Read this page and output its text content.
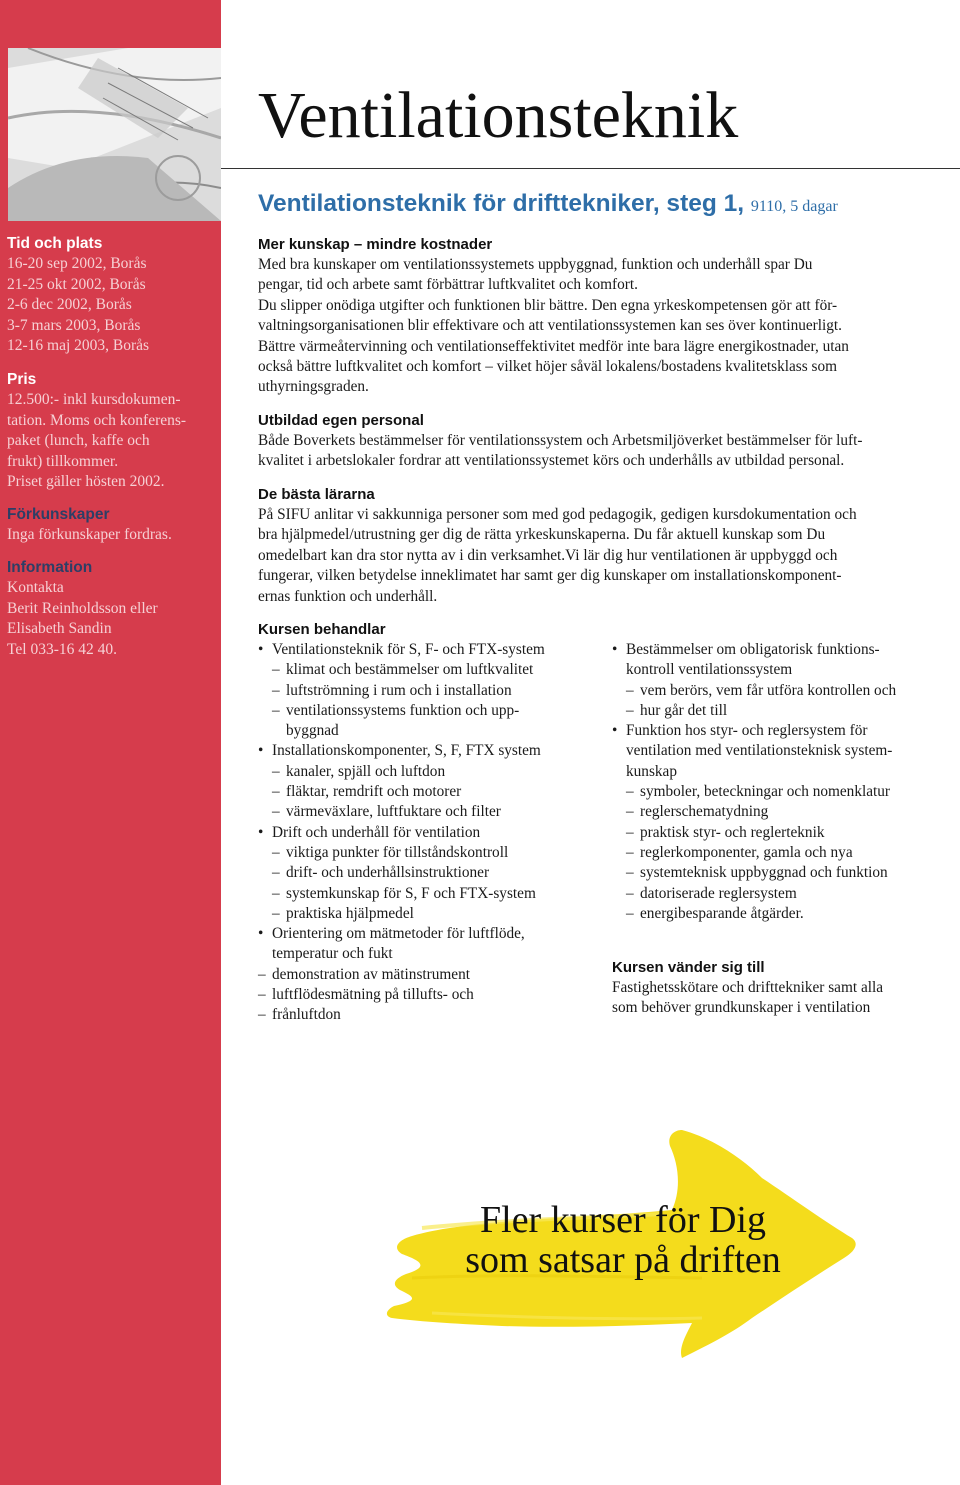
Tid och plats

16-20 sep 2002, Borås

21-25 okt 2002, Borås

2-6 dec 2002, Borås

3-7 mars 2003, Borås

12-16 maj 2003, Borås

Pris

12.500:- inkl kursdokumen-

tation. Moms och konferens-

paket (lunch, kaffe och

frukt) tillkommer.

Priset gäller hösten 2002.

Förkunskaper

Inga förkunskaper fordras.

Information

Kontakta

Berit Reinholdsson eller

Elisabeth Sandin

Tel 033-16 42 40.

Ventilationsteknik
Ventilationsteknik för drifttekniker, steg 1, 9110, 5 dagar

Mer kunskap – mindre kostnader

Med bra kunskaper om ventilationssystemets uppbyggnad, funktion och underhåll spar Du

pengar, tid och arbete samt förbättrar luftkvalitet och komfort.

Du slipper onödiga utgifter och funktionen blir bättre. Den egna yrkeskompetensen gör att för-

valtningsorganisationen blir effektivare och att ventilationssystemen kan ses över kontinuerligt.

Bättre värmeåtervinning och ventilationseffektivitet medför inte bara lägre energikostnader, utan

också bättre luftkvalitet och komfort – vilket höjer såväl lokalens/bostadens kvalitetsklass som

uthyrningsgraden.

Utbildad egen personal

Både Boverkets bestämmelser för ventilationssystem och Arbetsmiljöverket bestämmelser för luft-

kvalitet i arbetslokaler fordrar att ventilationssystemet körs och underhålls av utbildad personal.

De bästa lärarna

På SIFU anlitar vi sakkunniga personer som med god pedagogik, gedigen kursdokumentation och

bra hjälpmedel/utrustning ger dig de rätta yrkeskunskaperna. Du får aktuell kunskap som Du

omedelbart kan dra stor nytta av i din verksamhet.Vi lär dig hur ventilationen är uppbyggd och

fungerar, vilken betydelse inneklimatet har samt ger dig kunskaper om installationskomponent-

ernas funktion och underhåll.

Kursen behandlar

• Ventilationsteknik för S, F- och FTX-system

– klimat och bestämmelser om luftkvalitet

– luftströmning i rum och i installation

– ventilationssystems funktion och upp-

byggnad

• Installationskomponenter, S, F, FTX system

– kanaler, spjäll och luftdon

– fläktar, remdrift och motorer

– värmeväxlare, luftfuktare och filter

• Drift och underhåll för ventilation

– viktiga punkter för tillståndskontroll

– drift- och underhållsinstruktioner

– systemkunskap för S, F och FTX-system

– praktiska hjälpmedel

• Orientering om mätmetoder för luftflöde,

temperatur och fukt

– demonstration av mätinstrument

– luftflödesmätning på tillufts- och

– frånluftdon

• Bestämmelser om obligatorisk funktions-

kontroll ventilationssystem

– vem berörs, vem får utföra kontrollen och

– hur går det till

• Funktion hos styr- och reglersystem för

ventilation med ventilationsteknisk system-

kunskap

– symboler, beteckningar och nomenklatur

– reglerschematydning

– praktisk styr- och reglerteknik

– reglerkomponenter, gamla och nya

– systemteknisk uppbyggnad och funktion

– datoriserade reglersystem

– energibesparande åtgärder.

Kursen vänder sig till

Fastighetsskötare och drifttekniker samt alla

som behöver grundkunskaper i ventilation

Fler kurser för Dig
som satsar på driften
